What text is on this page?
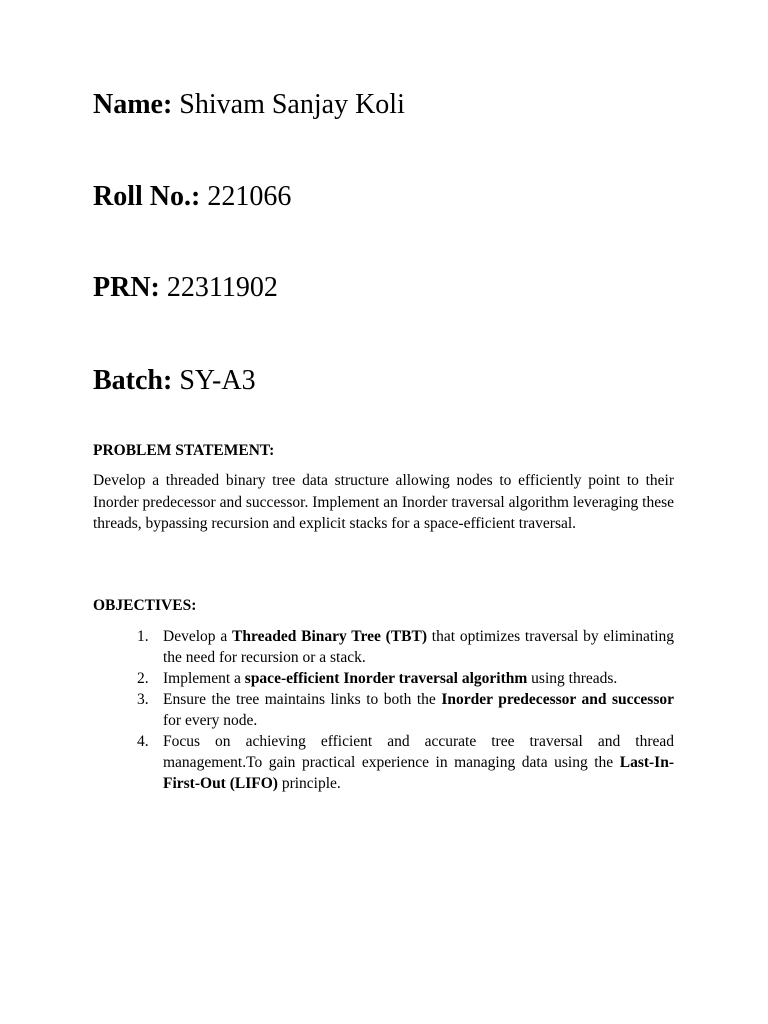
Name: Shivam Sanjay Koli
Roll No.: 221066
PRN: 22311902
Batch: SY-A3
PROBLEM STATEMENT:
Develop a threaded binary tree data structure allowing nodes to efficiently point to their Inorder predecessor and successor. Implement an Inorder traversal algorithm leveraging these threads, bypassing recursion and explicit stacks for a space-efficient traversal.
OBJECTIVES:
1. Develop a Threaded Binary Tree (TBT) that optimizes traversal by eliminating the need for recursion or a stack.
2. Implement a space-efficient Inorder traversal algorithm using threads.
3. Ensure the tree maintains links to both the Inorder predecessor and successor for every node.
4. Focus on achieving efficient and accurate tree traversal and thread management.To gain practical experience in managing data using the Last-In-First-Out (LIFO) principle.
